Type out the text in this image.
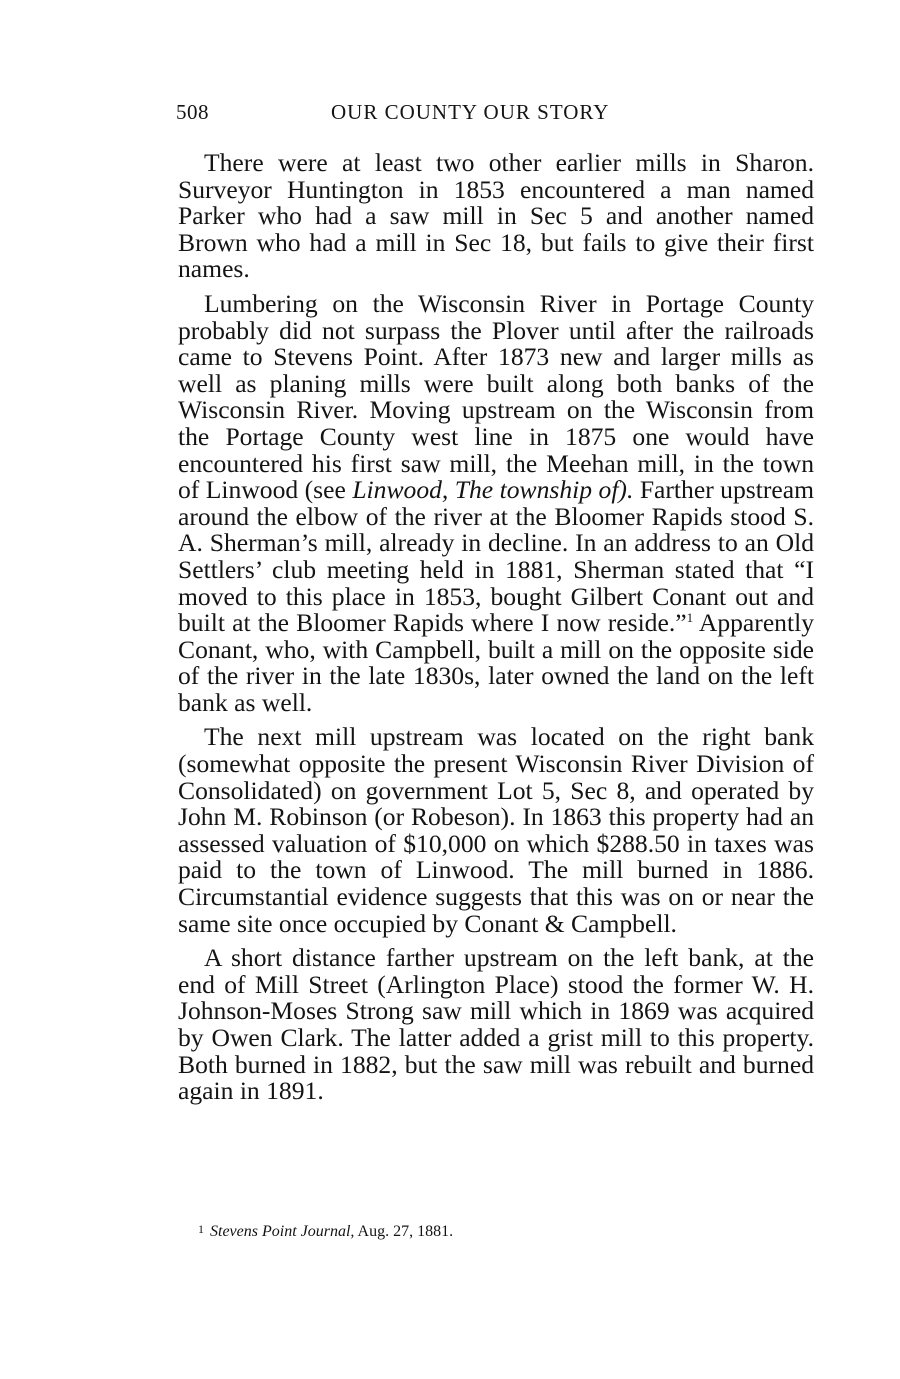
508	OUR COUNTY OUR STORY

There were at least two other earlier mills in Sharon. Surveyor Huntington in 1853 encountered a man named Parker who had a saw mill in Sec 5 and another named Brown who had a mill in Sec 18, but fails to give their first names.

Lumbering on the Wisconsin River in Portage County probably did not surpass the Plover until after the railroads came to Stevens Point. After 1873 new and larger mills as well as planing mills were built along both banks of the Wisconsin River. Moving upstream on the Wisconsin from the Portage County west line in 1875 one would have encountered his first saw mill, the Meehan mill, in the town of Linwood (see Linwood, The township of). Farther upstream around the elbow of the river at the Bloomer Rapids stood S. A. Sherman’s mill, already in decline. In an address to an Old Settlers’ club meeting held in 1881, Sherman stated that “I moved to this place in 1853, bought Gilbert Conant out and built at the Bloomer Rapids where I now reside.”$^1$ Apparently Conant, who, with Campbell, built a mill on the opposite side of the river in the late 1830s, later owned the land on the left bank as well.

The next mill upstream was located on the right bank (somewhat opposite the present Wisconsin River Division of Consolidated) on government Lot 5, Sec 8, and operated by John M. Robinson (or Robeson). In 1863 this property had an assessed valuation of $10,000 on which $288.50 in taxes was paid to the town of Linwood. The mill burned in 1886. Circumstantial evidence suggests that this was on or near the same site once occupied by Conant & Campbell.

A short distance farther upstream on the left bank, at the end of Mill Street (Arlington Place) stood the former W. H. Johnson-Moses Strong saw mill which in 1869 was acquired by Owen Clark. The latter added a grist mill to this property. Both burned in 1882, but the saw mill was rebuilt and burned again in 1891.

1 Stevens Point Journal, Aug. 27, 1881.
